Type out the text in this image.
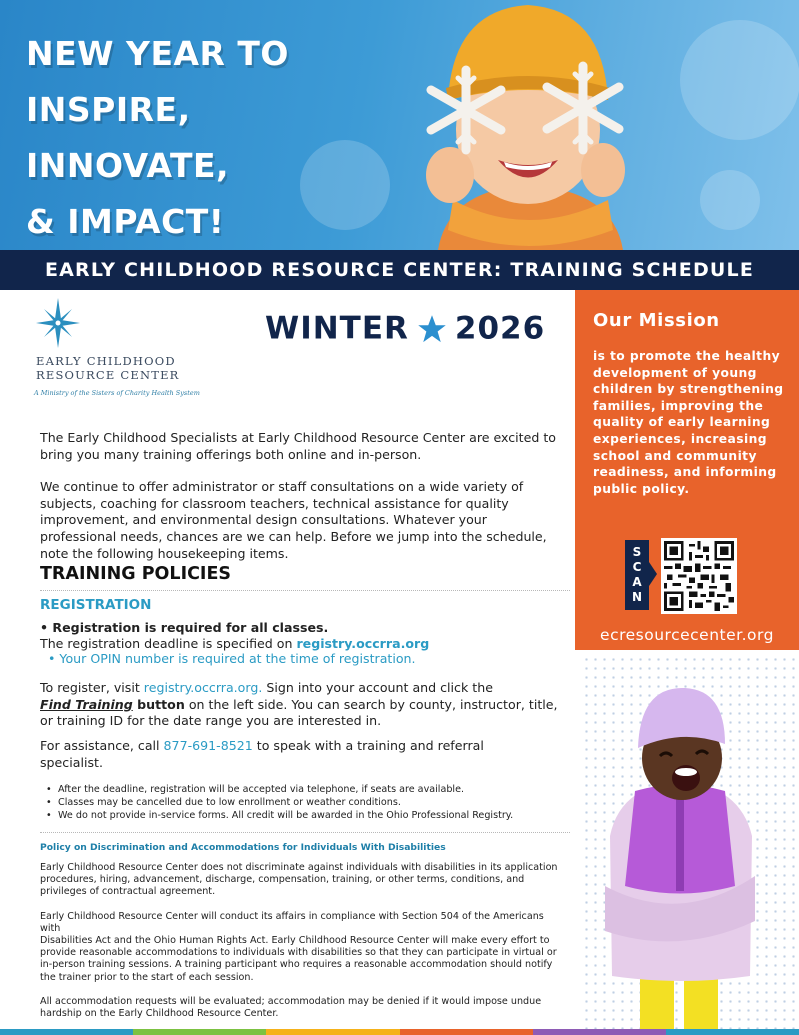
NEW YEAR TO
INSPIRE,
INNOVATE,
& IMPACT!
EARLY CHILDHOOD RESOURCE CENTER: TRAINING SCHEDULE
EARLY CHILDHOOD
RESOURCE CENTER
A Ministry of the Sisters of Charity Health System
WINTER 2026	Our Mission
is to promote the healthy development of young children by strengthening families, improving the quality of early learning experiences, increasing school and community readiness, and informing public policy.
S
C
A
N
ecresourcecenter.org

The Early Childhood Specialists at Early Childhood Resource Center are excited to bring you many training offerings both online and in-person.

We continue to offer administrator or staff consultations on a wide variety of subjects, coaching for classroom teachers, technical assistance for quality improvement, and environmental design consultations. Whatever your professional needs, chances are we can help. Before we jump into the schedule, note the following housekeeping items.

TRAINING POLICIES
REGISTRATION
• Registration is required for all classes.
The registration deadline is specified on registry.occrra.org
• Your OPIN number is required at the time of registration.
To register, visit registry.occrra.org. Sign into your account and click the
Find Training button on the left side. You can search by county, instructor, title, or training ID for the date range you are interested in.
For assistance, call 877-691-8521 to speak with a training and referral specialist.
• After the deadline, registration will be accepted via telephone, if seats are available.
• Classes may be cancelled due to low enrollment or weather conditions.
• We do not provide in-service forms. All credit will be awarded in the Ohio Professional Registry.
Policy on Discrimination and Accommodations for Individuals With Disabilities

Early Childhood Resource Center does not discriminate against individuals with disabilities in its application procedures, hiring, advancement, discharge, compensation, training, or other terms, conditions, and privileges of contractual agreement.

Early Childhood Resource Center will conduct its affairs in compliance with Section 504 of the Americans with
Disabilities Act and the Ohio Human Rights Act. Early Childhood Resource Center will make every effort to provide reasonable accommodations to individuals with disabilities so that they can participate in virtual or in-person training sessions. A training participant who requires a reasonable accommodation should notify the trainer prior to the start of each session.

All accommodation requests will be evaluated; accommodation may be denied if it would impose undue hardship on the Early Childhood Resource Center.
